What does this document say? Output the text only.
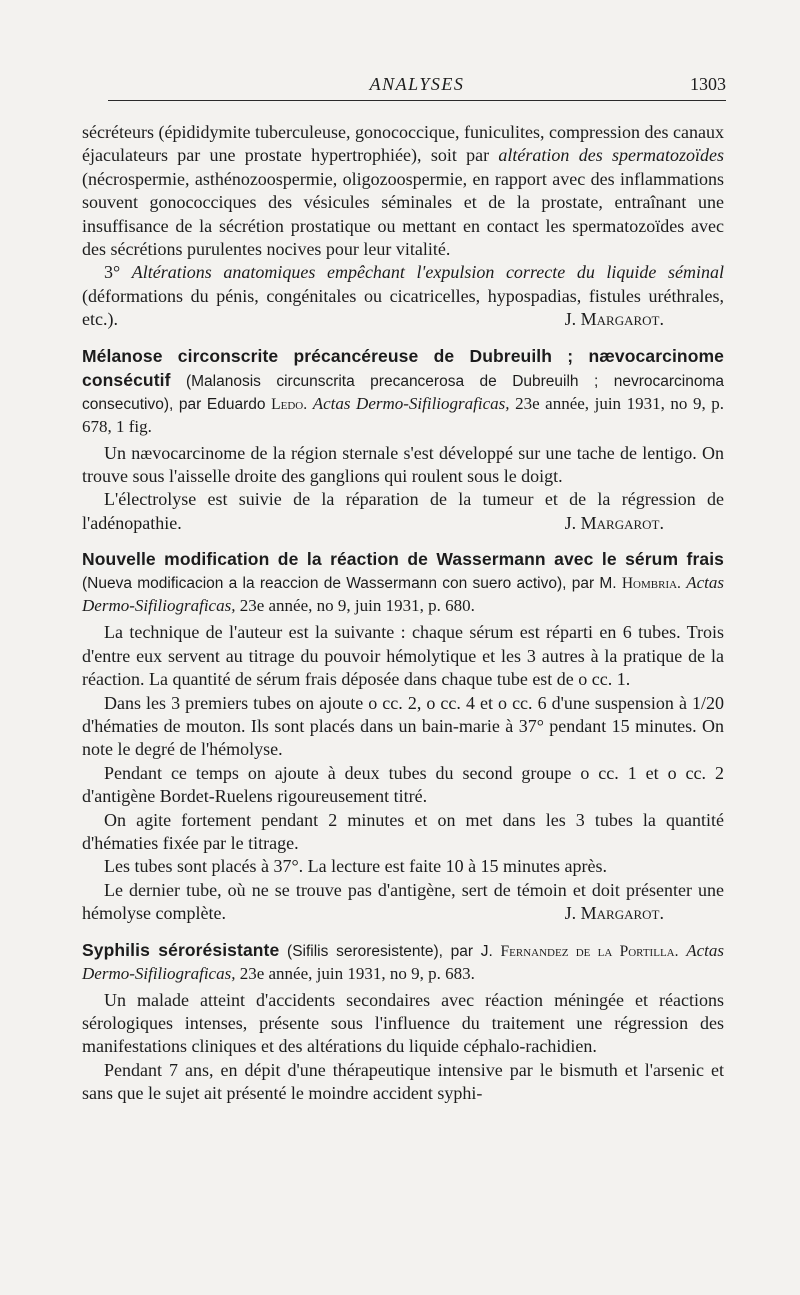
ANALYSES	1303

sécréteurs (épididymite tuberculeuse, gonococcique, funiculites, compression des canaux éjaculateurs par une prostate hypertrophiée), soit par altération des spermatozoïdes (nécrospermie, asthénozoospermie, oligozoospermie, en rapport avec des inflammations souvent gonococciques des vésicules séminales et de la prostate, entraînant une insuffisance de la sécrétion prostatique ou mettant en contact les spermatozoïdes avec des sécrétions purulentes nocives pour leur vitalité.

3° Altérations anatomiques empêchant l'expulsion correcte du liquide séminal (déformations du pénis, congénitales ou cicatricelles, hypospadias, fistules uréthrales, etc.).	J. Margarot.

Mélanose circonscrite précancéreuse de Dubreuilh ; nævocarcinome consécutif (Malanosis circunscrita precancerosa de Dubreuilh ; nevrocarcinoma consecutivo), par Eduardo Ledo. Actas Dermo-Sifiliograficas, 23e année, juin 1931, no 9, p. 678, 1 fig.

Un nævocarcinome de la région sternale s'est développé sur une tache de lentigo. On trouve sous l'aisselle droite des ganglions qui roulent sous le doigt.

L'électrolyse est suivie de la réparation de la tumeur et de la régression de l'adénopathie.	J. Margarot.

Nouvelle modification de la réaction de Wassermann avec le sérum frais (Nueva modificacion a la reaccion de Wassermann con suero activo), par M. Hombria. Actas Dermo-Sifiliograficas, 23e année, no 9, juin 1931, p. 680.

La technique de l'auteur est la suivante : chaque sérum est réparti en 6 tubes. Trois d'entre eux servent au titrage du pouvoir hémolytique et les 3 autres à la pratique de la réaction. La quantité de sérum frais déposée dans chaque tube est de o cc. 1.

Dans les 3 premiers tubes on ajoute o cc. 2, o cc. 4 et o cc. 6 d'une suspension à 1/20 d'hématies de mouton. Ils sont placés dans un bain-marie à 37° pendant 15 minutes. On note le degré de l'hémolyse.

Pendant ce temps on ajoute à deux tubes du second groupe o cc. 1 et o cc. 2 d'antigène Bordet-Ruelens rigoureusement titré.

On agite fortement pendant 2 minutes et on met dans les 3 tubes la quantité d'hématies fixée par le titrage.

Les tubes sont placés à 37°. La lecture est faite 10 à 15 minutes après.

Le dernier tube, où ne se trouve pas d'antigène, sert de témoin et doit présenter une hémolyse complète.	J. Margarot.

Syphilis sérorésistante (Sifilis seroresistente), par J. Fernandez de la Portilla. Actas Dermo-Sifiliograficas, 23e année, juin 1931, no 9, p. 683.

Un malade atteint d'accidents secondaires avec réaction méningée et réactions sérologiques intenses, présente sous l'influence du traitement une régression des manifestations cliniques et des altérations du liquide céphalo-rachidien.

Pendant 7 ans, en dépit d'une thérapeutique intensive par le bismuth et l'arsenic et sans que le sujet ait présenté le moindre accident syphi-
